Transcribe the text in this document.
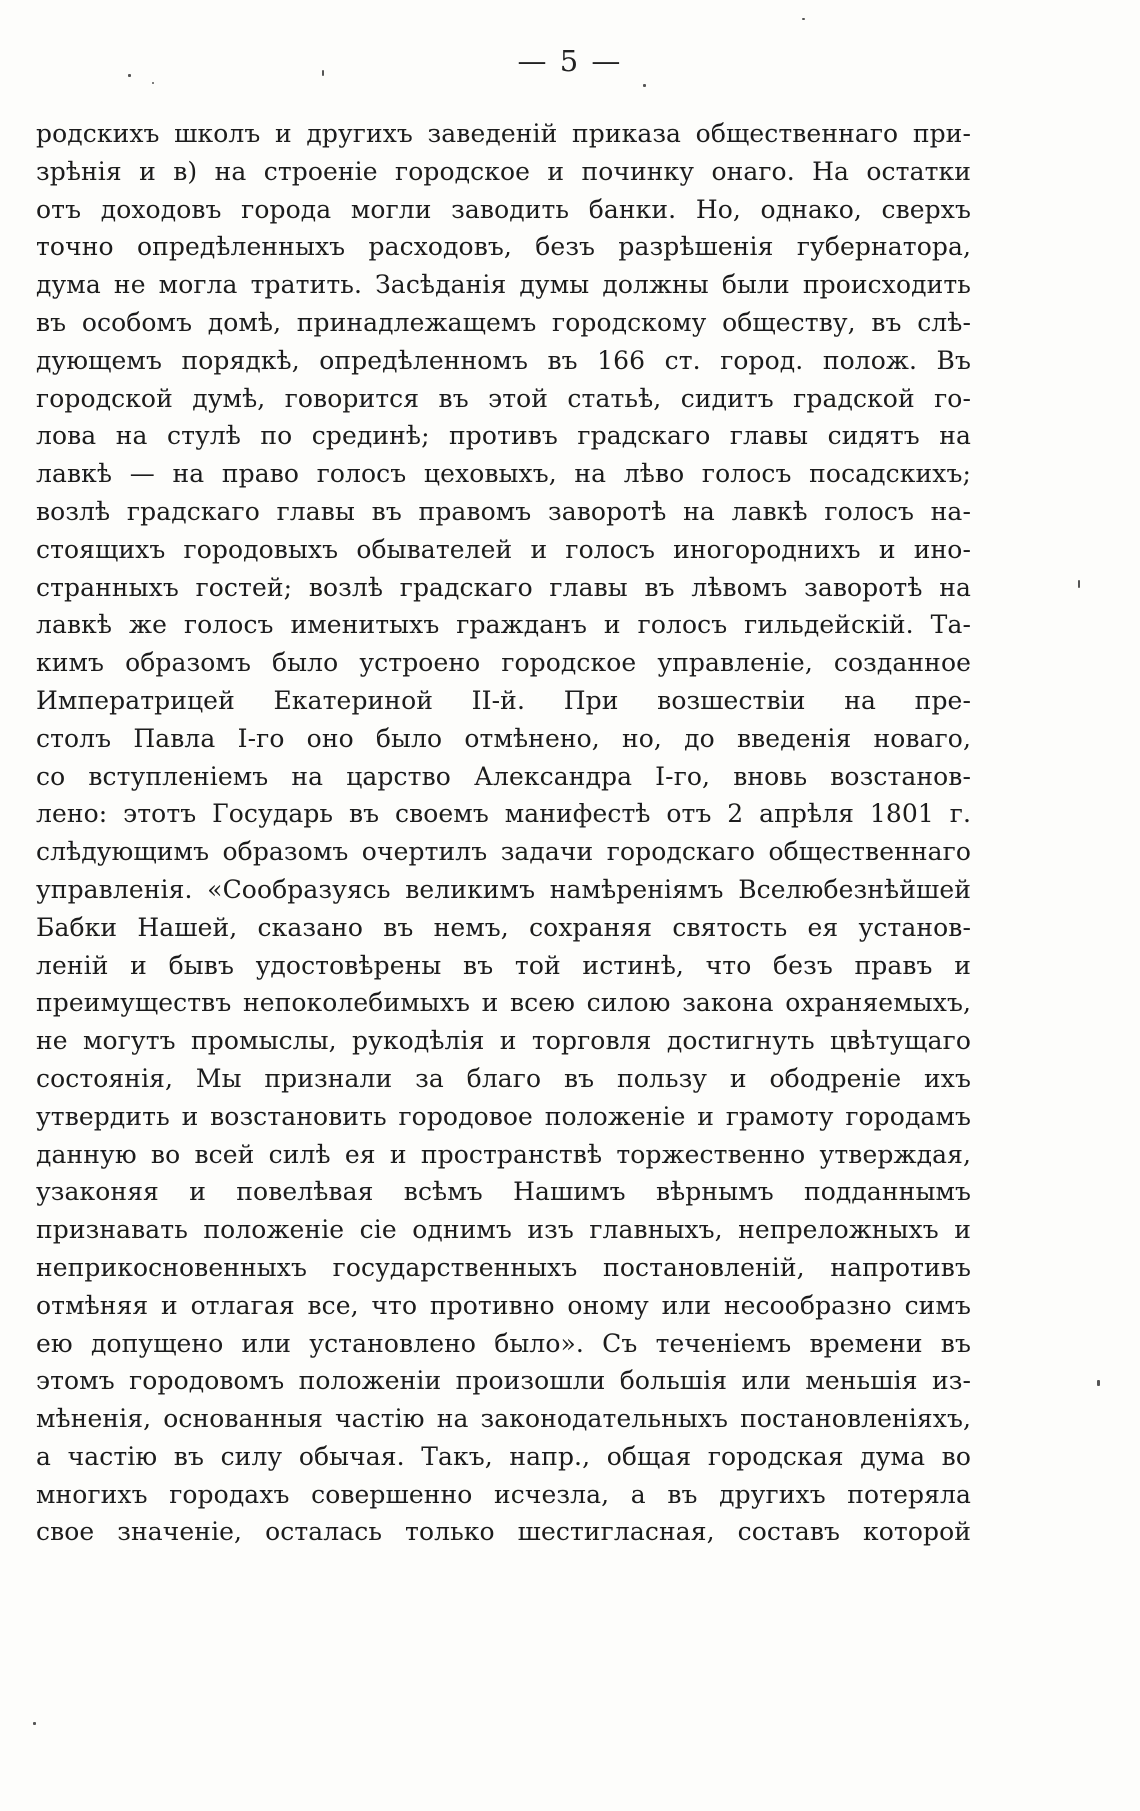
— 5 —
родскихъ школъ и другихъ заведеній приказа общественнаго при-
зрѣнія и в) на строеніе городское и починку онаго. На остатки
отъ доходовъ города могли заводить банки. Но, однако, сверхъ
точно опредѣленныхъ расходовъ, безъ разрѣшенія губернатора,
дума не могла тратить. Засѣданія думы должны были происходить
въ особомъ домѣ, принадлежащемъ городскому обществу, въ слѣ-
дующемъ порядкѣ, опредѣленномъ въ 166 ст. город. полож. Въ
городской думѣ, говорится въ этой статьѣ, сидитъ градской го-
лова на стулѣ по срединѣ; противъ градскаго главы сидятъ на
лавкѣ — на право голосъ цеховыхъ, на лѣво голосъ посадскихъ;
возлѣ градскаго главы въ правомъ заворотѣ на лавкѣ голосъ на-
стоящихъ городовыхъ обывателей и голосъ иногороднихъ и ино-
странныхъ гостей; возлѣ градскаго главы въ лѣвомъ заворотѣ на
лавкѣ же голосъ именитыхъ гражданъ и голосъ гильдейскій. Та-
кимъ образомъ было устроено городское управленіе, созданное
Императрицей Екатериной II-й. При возшествіи на пре-
столъ Павла I-го оно было отмѣнено, но, до введенія новаго,
со вступленіемъ на царство Александра I-го, вновь возстанов-
лено: этотъ Государь въ своемъ манифестѣ отъ 2 апрѣля 1801 г.
слѣдующимъ образомъ очертилъ задачи городскаго общественнаго
управленія. «Сообразуясь великимъ намѣреніямъ Вселюбезнѣйшей
Бабки Нашей, сказано въ немъ, сохраняя святость ея установ-
леній и бывъ удостовѣрены въ той истинѣ, что безъ правъ и
преимуществъ непоколебимыхъ и всею силою закона охраняемыхъ,
не могутъ промыслы, рукодѣлія и торговля достигнуть цвѣтущаго
состоянія, Мы признали за благо въ пользу и ободреніе ихъ
утвердить и возстановить городовое положеніе и грамоту городамъ
данную во всей силѣ ея и пространствѣ торжественно утверждая,
узаконяя и повелѣвая всѣмъ Нашимъ вѣрнымъ подданнымъ
признавать положеніе сіе однимъ изъ главныхъ, непреложныхъ и
неприкосновенныхъ государственныхъ постановленій, напротивъ
отмѣняя и отлагая все, что противно оному или несообразно симъ
ею допущено или установлено было». Съ теченіемъ времени въ
этомъ городовомъ положеніи произошли большія или меньшія из-
мѣненія, основанныя частію на законодательныхъ постановленіяхъ,
а частію въ силу обычая. Такъ, напр., общая городская дума во
многихъ городахъ совершенно исчезла, а въ другихъ потеряла
свое значеніе, осталась только шестигласная, составъ которой
